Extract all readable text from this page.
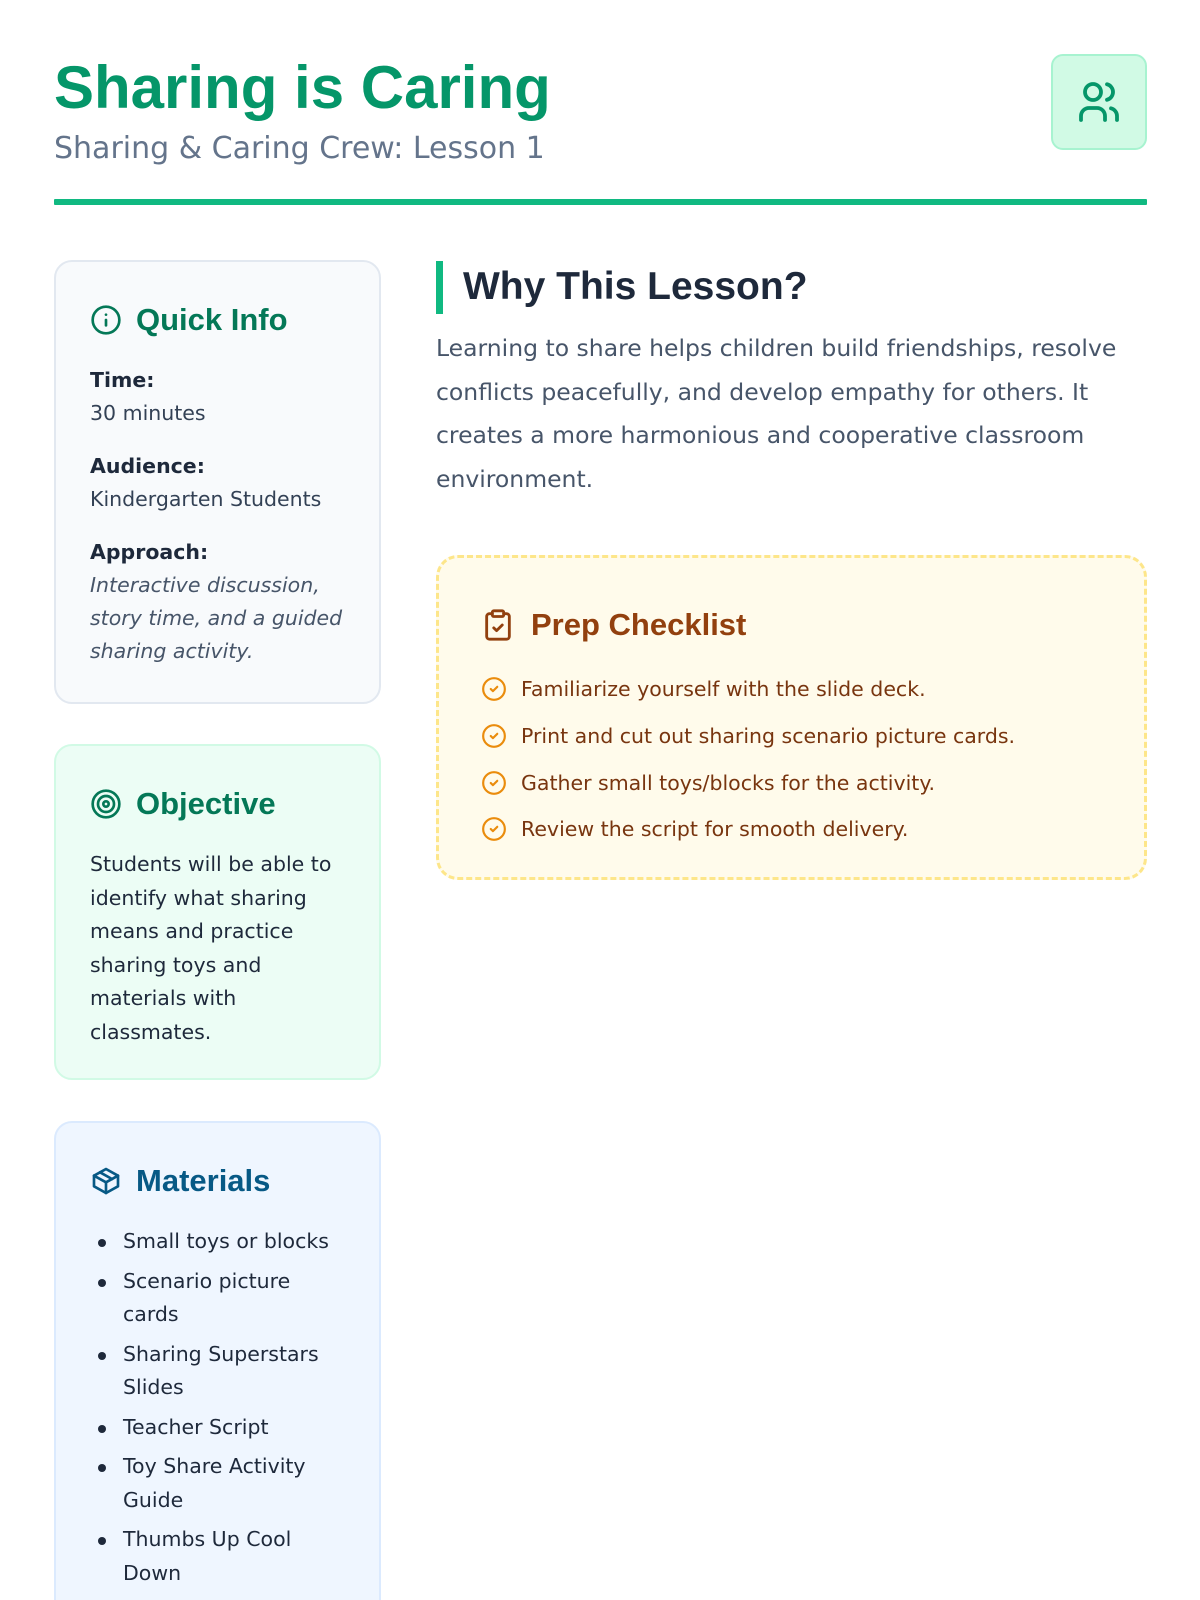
Sharing is Caring
Sharing & Caring Crew: Lesson 1
Quick Info
Time:
30 minutes
Audience:
Kindergarten Students
Approach:
Interactive discussion, story time, and a guided sharing activity.
Objective

Students will be able to identify what sharing means and practice sharing toys and materials with classmates.

Materials
Small toys or blocks
Scenario picture cards
Sharing Superstars Slides
Teacher Script
Toy Share Activity Guide
Thumbs Up Cool Down
Why This Lesson?

Learning to share helps children build friendships, resolve conflicts peacefully, and develop empathy for others. It creates a more harmonious and cooperative classroom environment.

Prep Checklist
Familiarize yourself with the slide deck.
Print and cut out sharing scenario picture cards.
Gather small toys/blocks for the activity.
Review the script for smooth delivery.
